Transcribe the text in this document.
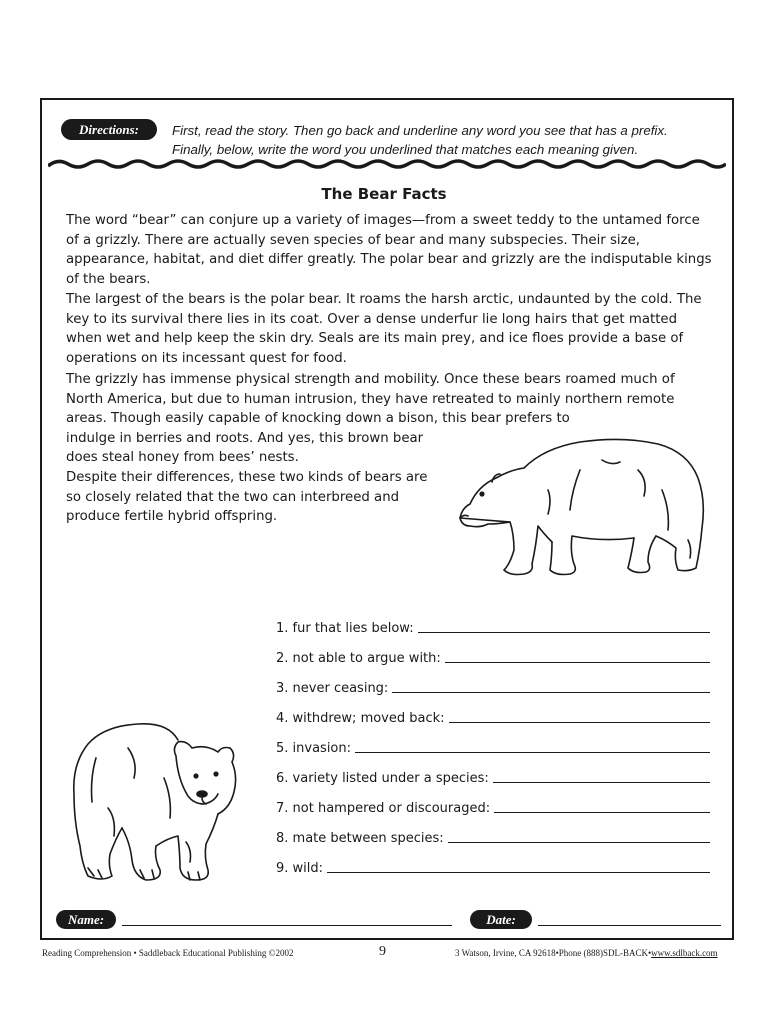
Directions:	First, read the story. Then go back and underline any word you see that has a prefix.
Finally, below, write the word you underlined that matches each meaning given.
The Bear Facts

The word “bear” can conjure up a variety of images—from a sweet teddy to the untamed force of a grizzly. There are actually seven species of bear and many subspecies. Their size, appearance, habitat, and diet differ greatly. The polar bear and grizzly are the indisputable kings of the bears.

The largest of the bears is the polar bear. It roams the harsh arctic, undaunted by the cold. The key to its survival there lies in its coat. Over a dense underfur lie long hairs that get matted when wet and help keep the skin dry. Seals are its main prey, and ice floes provide a base of operations on its incessant quest for food.

The grizzly has immense physical strength and mobility. Once these bears roamed much of North America, but due to human intrusion, they have retreated to mainly northern remote areas. Though easily capable of knocking down a bison, this bear prefers to
indulge in berries and roots. And yes, this brown bear does steal honey from bees’ nests.

Despite their differences, these two kinds of bears are so closely related that the two can interbreed and produce fertile hybrid offspring.

1. fur that lies below:
2. not able to argue with:
3. never ceasing:
4. withdrew; moved back:
5. invasion:
6. variety listed under a species:
7. not hampered or discouraged:
8. mate between species:
9. wild:
Name:	Date:
Reading Comprehension • Saddleback Educational Publishing ©2002	9	3 Watson, Irvine, CA 92618•Phone (888)SDL-BACK•www.sdlback.com
